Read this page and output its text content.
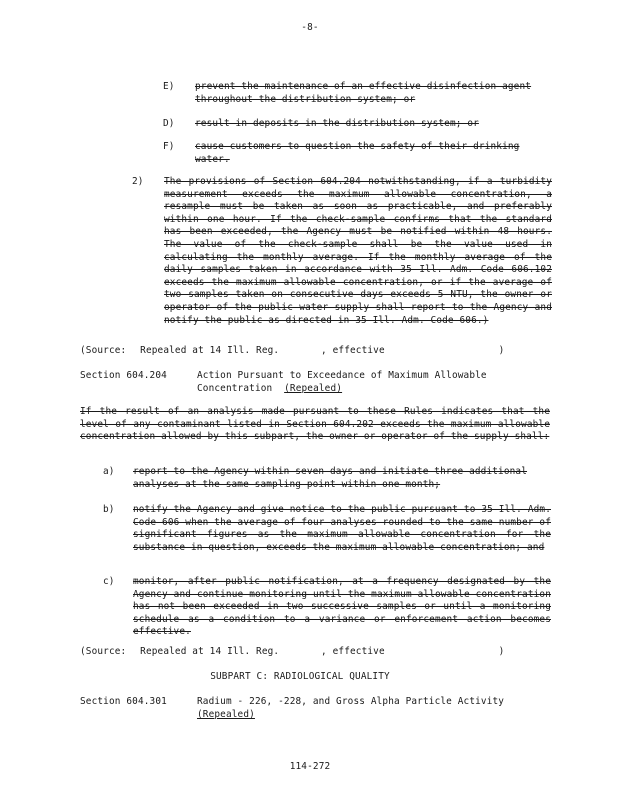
-8-
E) prevent the maintenance of an effective disinfection agent throughout the distribution system; or
D) result in deposits in the distribution system; or
F) cause customers to question the safety of their drinking water.
2) The provisions of Section 604.204 notwithstanding, if a turbidity measurement exceeds the maximum allowable concentration, a resample must be taken as soon as practicable, and preferably within one hour. If the check-sample confirms that the standard has been exceeded, the Agency must be notified within 48 hours. The value of the check-sample shall be the value used in calculating the monthly average. If the monthly average of the daily samples taken in accordance with 35 Ill. Adm. Code 606.102 exceeds the maximum allowable concentration, or if the average of two samples taken on consecutive days exceeds 5 NTU, the owner or operator of the public water supply shall report to the Agency and notify the public as directed in 35 Ill. Adm. Code 606.)
(Source: Repealed at 14 Ill. Reg.	, effective	)
Section 604.204	Action Pursuant to Exceedance of Maximum Allowable
Concentration (Repealed)
If the result of an analysis made pursuant to these Rules indicates that the level of any contaminant listed in Section 604.202 exceeds the maximum allowable concentration allowed by this subpart, the owner or operator of the supply shall:
a) report to the Agency within seven days and initiate three additional analyses at the same sampling point within one month;
b) notify the Agency and give notice to the public pursuant to 35 Ill. Adm. Code 606 when the average of four analyses rounded to the same number of significant figures as the maximum allowable concentration for the substance in question, exceeds the maximum allowable concentration; and
c) monitor, after public notification, at a frequency designated by the Agency and continue monitoring until the maximum allowable concentration has not been exceeded in two successive samples or until a monitoring schedule as a condition to a variance or enforcement action becomes effective.
(Source: Repealed at 14 Ill. Reg.	, effective	)
SUBPART C: RADIOLOGICAL QUALITY
Section 604.301	Radium - 226, -228, and Gross Alpha Particle Activity
(Repealed)
114-272
